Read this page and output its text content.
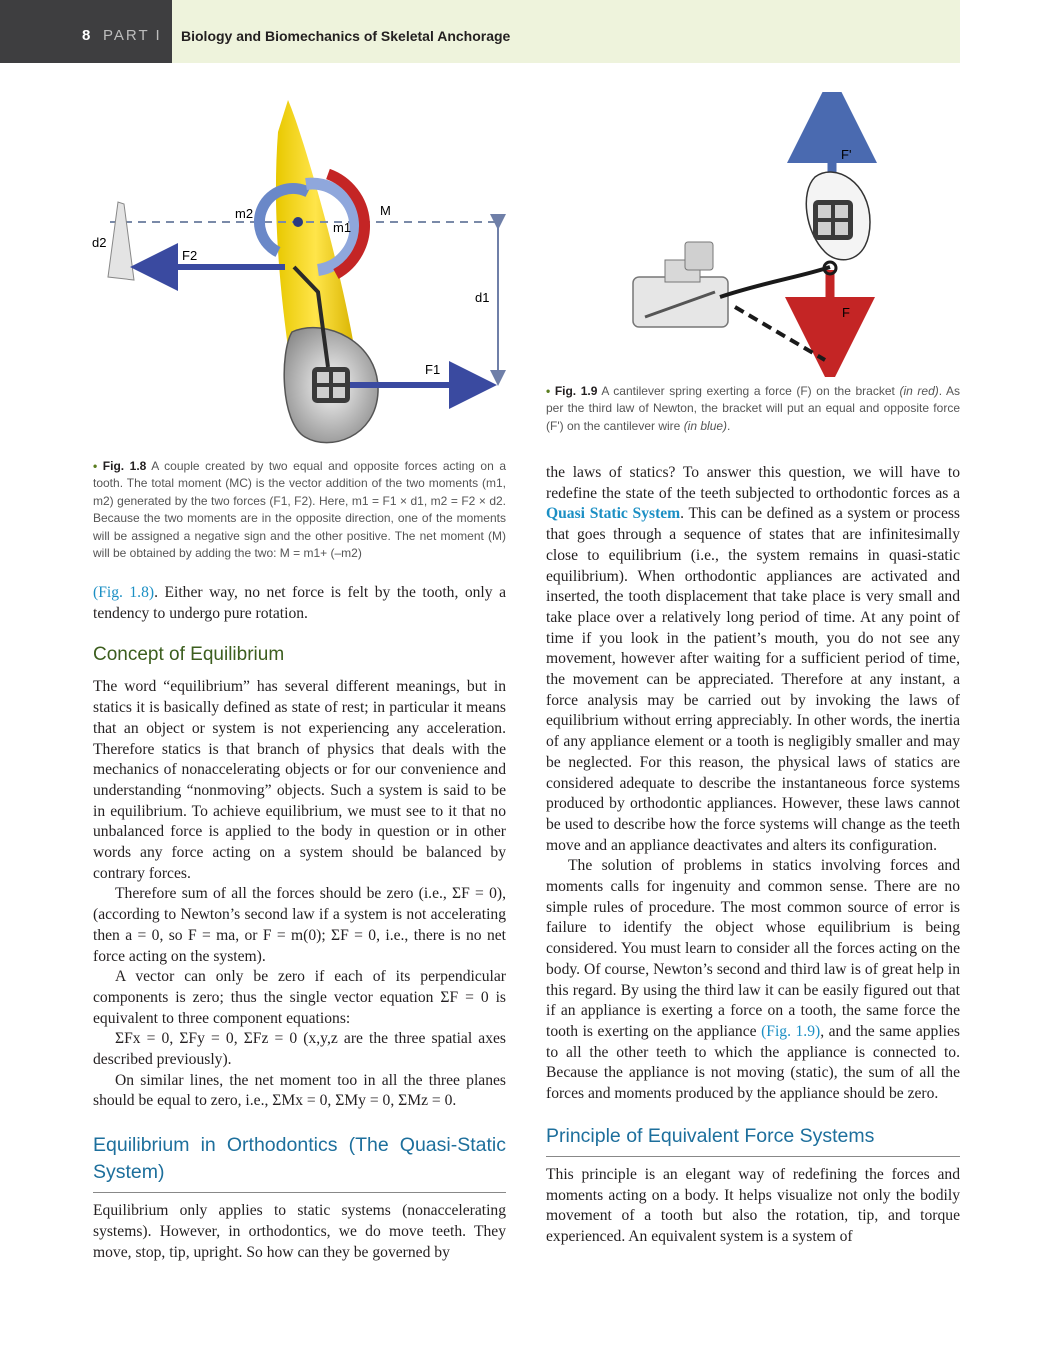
8 PART I Biology and Biomechanics of Skeletal Anchorage
m2
m1
M
d2
F2
d1
F1
F'
F
• Fig. 1.9 A cantilever spring exerting a force (F) on the bracket (in red). As per the third law of Newton, the bracket will put an equal and opposite force (F') on the cantilever wire (in blue).
• Fig. 1.8 A couple created by two equal and opposite forces acting on a tooth. The total moment (MC) is the vector addition of the two moments (m1, m2) generated by the two forces (F1, F2). Here, m1 = F1 × d1, m2 = F2 × d2. Because the two moments are in the opposite direction, one of the moments will be assigned a negative sign and the other positive. The net moment (M) will be obtained by adding the two: M = m1+ (–m2)

(Fig. 1.8). Either way, no net force is felt by the tooth, only a tendency to undergo pure rotation.

Concept of Equilibrium

The word “equilibrium” has several different meanings, but in statics it is basically defined as state of rest; in particular it means that an object or system is not experiencing any acceleration. Therefore statics is that branch of physics that deals with the mechanics of nonaccelerating objects or for our convenience and understanding “nonmoving” objects. Such a system is said to be in equilibrium. To achieve equilibrium, we must see to it that no unbalanced force is applied to the body in question or in other words any force acting on a system should be balanced by contrary forces.

Therefore sum of all the forces should be zero (i.e., ΣF = 0), (according to Newton’s second law if a system is not accelerating then a = 0, so F = ma, or F = m(0); ΣF = 0, i.e., there is no net force acting on the system).

A vector can only be zero if each of its perpendicular components is zero; thus the single vector equation ΣF = 0 is equivalent to three component equations:

ΣFx = 0, ΣFy = 0, ΣFz = 0 (x,y,z are the three spatial axes described previously).

On similar lines, the net moment too in all the three planes should be equal to zero, i.e., ΣMx = 0, ΣMy = 0, ΣMz = 0.

Equilibrium in Orthodontics (The Quasi-Static System)

Equilibrium only applies to static systems (nonaccelerating systems). However, in orthodontics, we do move teeth. They move, stop, tip, upright. So how can they be governed by

the laws of statics? To answer this question, we will have to redefine the state of the teeth subjected to orthodontic forces as a Quasi Static System. This can be defined as a system or process that goes through a sequence of states that are infinitesimally close to equilibrium (i.e., the system remains in quasi-static equilibrium). When orthodontic appliances are activated and inserted, the tooth displacement that take place is very small and take place over a relatively long period of time. At any point of time if you look in the patient’s mouth, you do not see any movement, however after waiting for a sufficient period of time, the movement can be appreciated. Therefore at any instant, a force analysis may be carried out by invoking the laws of equilibrium without erring appreciably. In other words, the inertia of any appliance element or a tooth is negligibly smaller and may be neglected. For this reason, the physical laws of statics are considered adequate to describe the instantaneous force systems produced by orthodontic appliances. However, these laws cannot be used to describe how the force systems will change as the teeth move and an appliance deactivates and alters its configuration.

The solution of problems in statics involving forces and moments calls for ingenuity and common sense. There are no simple rules of procedure. The most common source of error is failure to identify the object whose equilibrium is being considered. You must learn to consider all the forces acting on the body. Of course, Newton’s second and third law is of great help in this regard. By using the third law it can be easily figured out that if an appliance is exerting a force on a tooth, the same force the tooth is exerting on the appliance (Fig. 1.9), and the same applies to all the other teeth to which the appliance is connected to. Because the appliance is not moving (static), the sum of all the forces and moments produced by the appliance should be zero.

Principle of Equivalent Force Systems

This principle is an elegant way of redefining the forces and moments acting on a body. It helps visualize not only the bodily movement of a tooth but also the rotation, tip, and torque experienced. An equivalent system is a system of
